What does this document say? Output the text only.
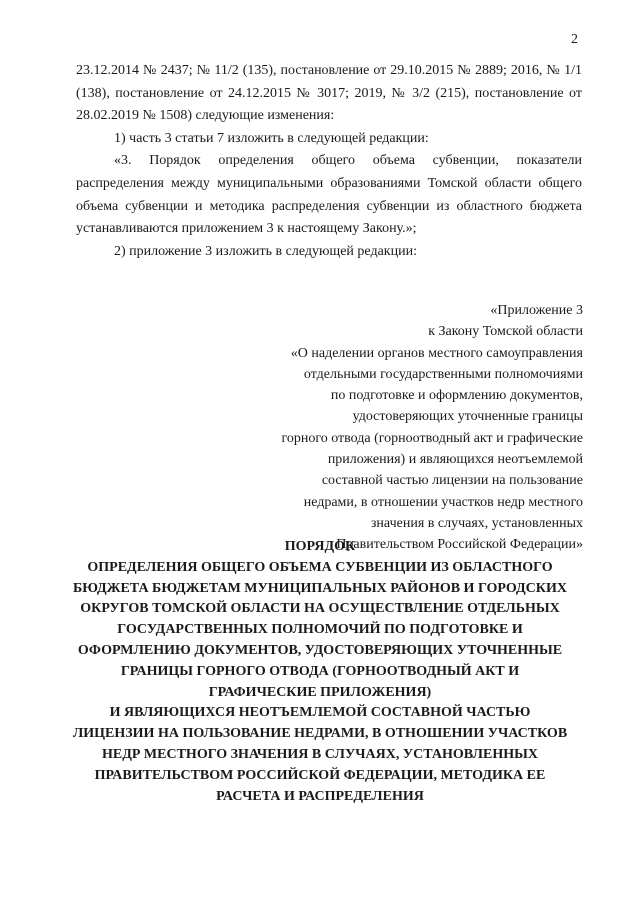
2

23.12.2014 № 2437; № 11/2 (135), постановление от 29.10.2015 № 2889; 2016, № 1/1 (138), постановление от 24.12.2015 № 3017; 2019, № 3/2 (215), постановление от 28.02.2019 № 1508) следующие изменения:

1) часть 3 статьи 7 изложить в следующей редакции:

«3. Порядок определения общего объема субвенции, показатели распределения между муниципальными образованиями Томской области общего объема субвенции и методика распределения субвенции из областного бюджета устанавливаются приложением 3 к настоящему Закону.»;

2) приложение 3 изложить в следующей редакции:

«Приложение 3
к Закону Томской области
«О наделении органов местного самоуправления
отдельными государственными полномочиями
по подготовке и оформлению документов,
удостоверяющих уточненные границы
горного отвода (горноотводный акт и графические
приложения) и являющихся неотъемлемой
составной частью лицензии на пользование
недрами, в отношении участков недр местного
значения в случаях, установленных
Правительством Российской Федерации»
ПОРЯДОК
ОПРЕДЕЛЕНИЯ ОБЩЕГО ОБЪЕМА СУБВЕНЦИИ ИЗ ОБЛАСТНОГО
БЮДЖЕТА БЮДЖЕТАМ МУНИЦИПАЛЬНЫХ РАЙОНОВ И ГОРОДСКИХ
ОКРУГОВ ТОМСКОЙ ОБЛАСТИ НА ОСУЩЕСТВЛЕНИЕ ОТДЕЛЬНЫХ
ГОСУДАРСТВЕННЫХ ПОЛНОМОЧИЙ ПО ПОДГОТОВКЕ И
ОФОРМЛЕНИЮ ДОКУМЕНТОВ, УДОСТОВЕРЯЮЩИХ УТОЧНЕННЫЕ
ГРАНИЦЫ ГОРНОГО ОТВОДА (ГОРНООТВОДНЫЙ АКТ И
ГРАФИЧЕСКИЕ ПРИЛОЖЕНИЯ)
И ЯВЛЯЮЩИХСЯ НЕОТЪЕМЛЕМОЙ СОСТАВНОЙ ЧАСТЬЮ
ЛИЦЕНЗИИ НА ПОЛЬЗОВАНИЕ НЕДРАМИ, В ОТНОШЕНИИ УЧАСТКОВ
НЕДР МЕСТНОГО ЗНАЧЕНИЯ В СЛУЧАЯХ, УСТАНОВЛЕННЫХ
ПРАВИТЕЛЬСТВОМ РОССИЙСКОЙ ФЕДЕРАЦИИ, МЕТОДИКА ЕЕ
РАСЧЕТА И РАСПРЕДЕЛЕНИЯ
